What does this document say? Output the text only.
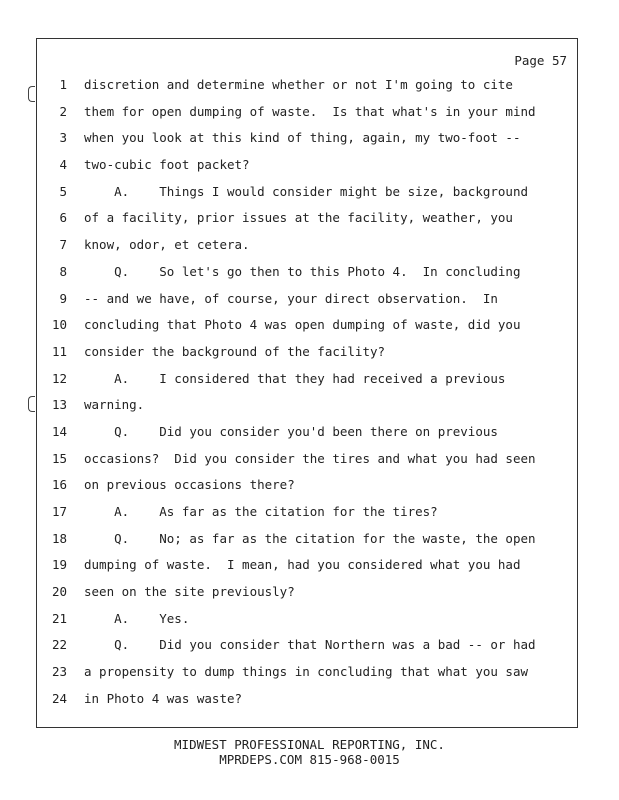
Page 57
1 discretion and determine whether or not I'm going to cite
2 them for open dumping of waste.  Is that what's in your mind
3 when you look at this kind of thing, again, my two-foot --
4 two-cubic foot packet?
5 A.    Things I would consider might be size, background
6 of a facility, prior issues at the facility, weather, you
7 know, odor, et cetera.
8 Q.    So let's go then to this Photo 4.  In concluding
9 -- and we have, of course, your direct observation.  In
10 concluding that Photo 4 was open dumping of waste, did you
11 consider the background of the facility?
12 A.    I considered that they had received a previous
13 warning.
14 Q.    Did you consider you'd been there on previous
15 occasions?  Did you consider the tires and what you had seen
16 on previous occasions there?
17 A.    As far as the citation for the tires?
18 Q.    No; as far as the citation for the waste, the open
19 dumping of waste.  I mean, had you considered what you had
20 seen on the site previously?
21 A.    Yes.
22 Q.    Did you consider that Northern was a bad -- or had
23 a propensity to dump things in concluding that what you saw
24 in Photo 4 was waste?
MIDWEST PROFESSIONAL REPORTING, INC.
MPRDEPS.COM 815-968-0015
